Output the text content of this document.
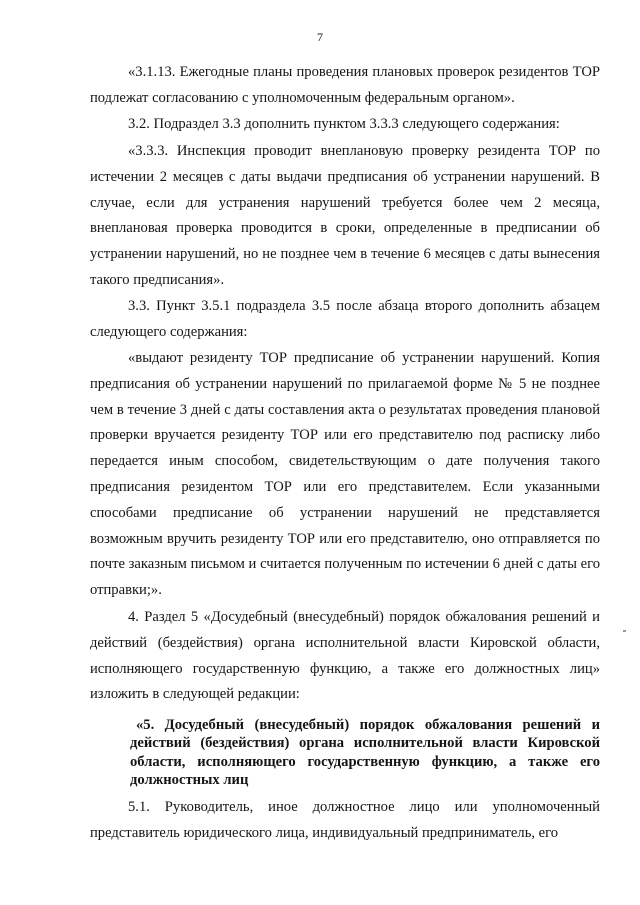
7

«3.1.13. Ежегодные планы проведения плановых проверок резидентов ТОР подлежат согласованию с уполномоченным федеральным органом».

3.2. Подраздел 3.3 дополнить пунктом 3.3.3 следующего содержания:

«3.3.3. Инспекция проводит внеплановую проверку резидента ТОР по истечении 2 месяцев с даты выдачи предписания об устранении нарушений. В случае, если для устранения нарушений требуется более чем 2 месяца, внеплановая проверка проводится в сроки, определенные в предписании об устранении нарушений, но не позднее чем в течение 6 месяцев с даты вынесения такого предписания».

3.3. Пункт 3.5.1 подраздела 3.5 после абзаца второго дополнить абзацем следующего содержания:

«выдают резиденту ТОР предписание об устранении нарушений. Копия предписания об устранении нарушений по прилагаемой форме № 5 не позднее чем в течение 3 дней с даты составления акта о результатах проведения плановой проверки вручается резиденту ТОР или его представителю под расписку либо передается иным способом, свидетельствующим о дате получения такого предписания резидентом ТОР или его представителем. Если указанными способами предписание об устранении нарушений не представляется возможным вручить резиденту ТОР или его представителю, оно отправляется по почте заказным письмом и считается полученным по истечении 6 дней с даты его отправки;».

4. Раздел 5 «Досудебный (внесудебный) порядок обжалования решений и действий (бездействия) органа исполнительной власти Кировской области, исполняющего государственную функцию, а также его должностных лиц» изложить в следующей редакции:

«5. Досудебный (внесудебный) порядок обжалования решений и действий (бездействия) органа исполнительной власти Кировской области, исполняющего государственную функцию, а также его должностных лиц

5.1. Руководитель, иное должностное лицо или уполномоченный представитель юридического лица, индивидуальный предприниматель, его
